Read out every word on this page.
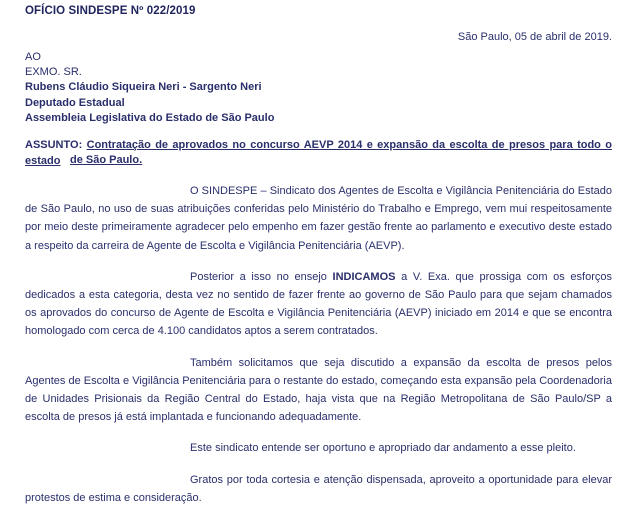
OFÍCIO SINDESPE Nº 022/2019
São Paulo, 05 de abril de 2019.
AO
EXMO. SR.
Rubens Cláudio Siqueira Neri - Sargento Neri
Deputado Estadual
Assembleia Legislativa do Estado de São Paulo
ASSUNTO: Contratação de aprovados no concurso AEVP 2014 e expansão da escolta de presos para todo o estado de São Paulo.

O SINDESPE – Sindicato dos Agentes de Escolta e Vigilância Penitenciária do Estado de São Paulo, no uso de suas atribuições conferidas pelo Ministério do Trabalho e Emprego, vem mui respeitosamente por meio deste primeiramente agradecer pelo empenho em fazer gestão frente ao parlamento e executivo deste estado a respeito da carreira de Agente de Escolta e Vigilância Penitenciária (AEVP).

Posterior a isso no ensejo INDICAMOS a V. Exa. que prossiga com os esforços dedicados a esta categoria, desta vez no sentido de fazer frente ao governo de São Paulo para que sejam chamados os aprovados do concurso de Agente de Escolta e Vigilância Penitenciária (AEVP) iniciado em 2014 e que se encontra homologado com cerca de 4.100 candidatos aptos a serem contratados.

Também solicitamos que seja discutido a expansão da escolta de presos pelos Agentes de Escolta e Vigilância Penitenciária para o restante do estado, começando esta expansão pela Coordenadoria de Unidades Prisionais da Região Central do Estado, haja vista que na Região Metropolitana de São Paulo/SP a escolta de presos já está implantada e funcionando adequadamente.

Este sindicato entende ser oportuno e apropriado dar andamento a esse pleito.

Gratos por toda cortesia e atenção dispensada, aproveito a oportunidade para elevar protestos de estima e consideração.
